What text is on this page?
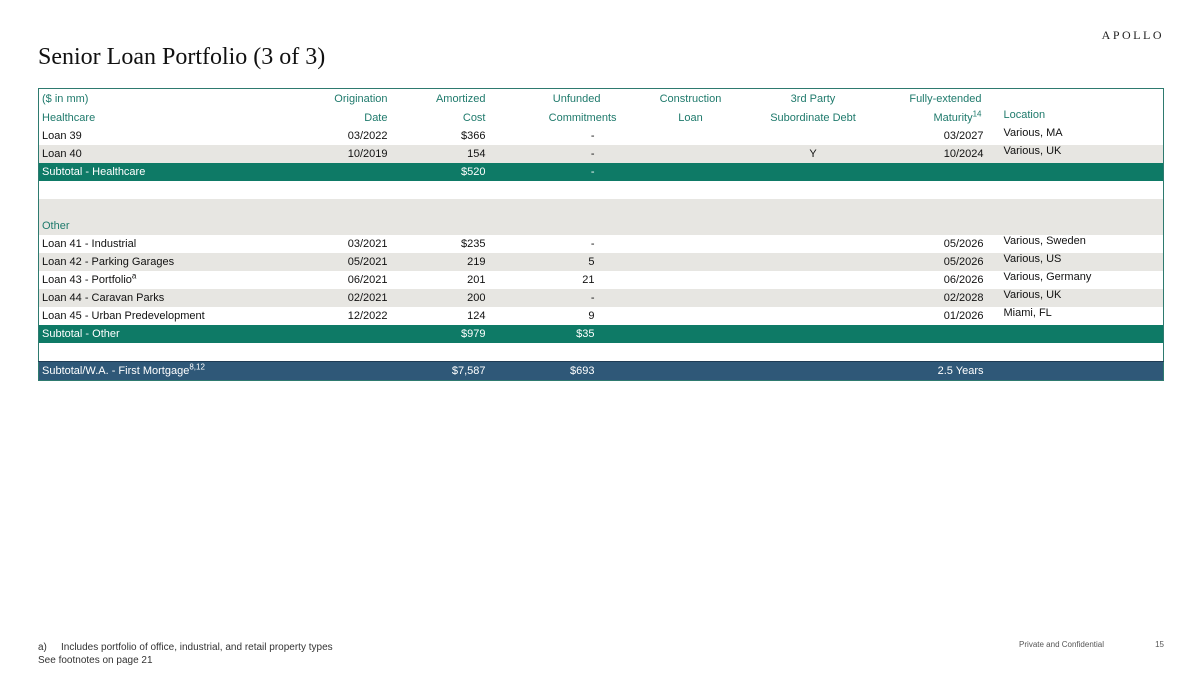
APOLLO
Senior Loan Portfolio (3 of 3)
($ in mm)	Origination	Amortized	Unfunded	Construction	3rd Party	Fully-extended	
Healthcare	Date	Cost	Commitments	Loan	Subordinate Debt	Maturity$^{14}$	Location
Loan 39	03/2022	$366	-			03/2027	Various, MA
Loan 40	10/2019	154	-		Y	10/2024	Various, UK
Subtotal - Healthcare		$520	-				

Other							
Loan 41 - Industrial	03/2021	$235	-			05/2026	Various, Sweden
Loan 42 - Parking Garages	05/2021	219	5			05/2026	Various, US
Loan 43 - Portfolio$^a$	06/2021	201	21			06/2026	Various, Germany
Loan 44 - Caravan Parks	02/2021	200	-			02/2028	Various, UK
Loan 45 - Urban Predevelopment	12/2022	124	9			01/2026	Miami, FL
Subtotal - Other		$979	$35				

Subtotal/W.A. - First Mortgage$^{8,12}$		$7,587	$693			2.5 Years	
a) Includes portfolio of office, industrial, and retail property types
See footnotes on page 21
Private and Confidential	15
